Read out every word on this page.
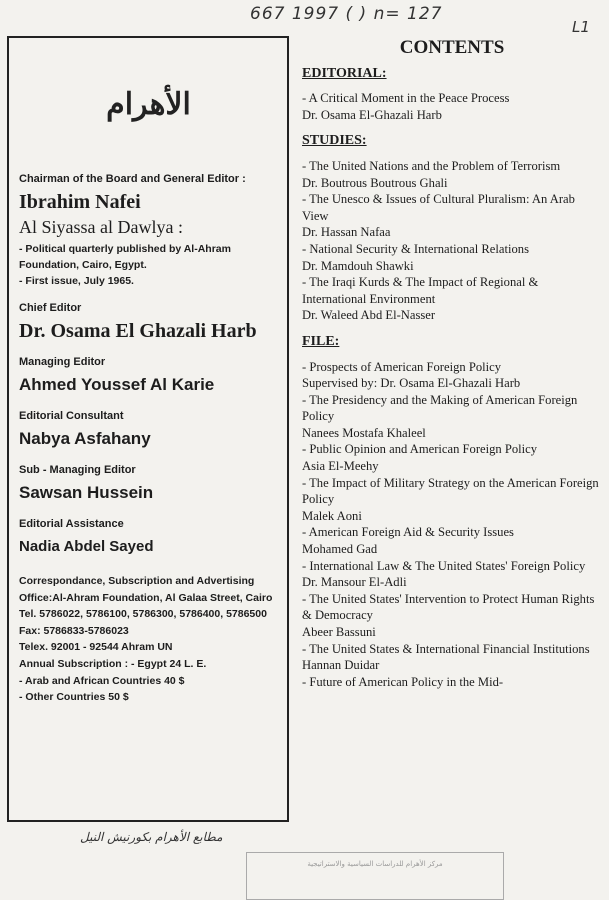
667 1997 ( ) n= 127
L1
الأهرام
Chairman of the Board and General Editor :
Ibrahim Nafei
Al Siyassa al Dawlya :
- Political quarterly published by Al-Ahram Foundation, Cairo, Egypt.
- First issue, July 1965.
Chief Editor
Dr. Osama El Ghazali Harb
Managing Editor
Ahmed Youssef Al Karie
Editorial Consultant
Nabya Asfahany
Sub - Managing Editor
Sawsan Hussein
Editorial Assistance
Nadia Abdel Sayed
Correspondance, Subscription and Advertising Office:Al-Ahram Foundation, Al Galaa Street, Cairo
Tel. 5786022, 5786100, 5786300, 5786400, 5786500
Fax: 5786833-5786023
Telex. 92001 - 92544 Ahram UN
Annual Subscription : - Egypt 24 L. E.
- Arab and African Countries 40 $
- Other Countries 50 $
مطابع الأهرام بكورنيش النيل
مركز الأهرام للدراسات السياسية والاستراتيجية
CONTENTS
EDITORIAL:
- A Critical Moment in the Peace Process
Dr. Osama El-Ghazali Harb
STUDIES:
- The United Nations and the Problem of Terrorism
Dr. Boutrous Boutrous Ghali
- The Unesco & Issues of Cultural Pluralism: An Arab View
Dr. Hassan Nafaa
- National Security & International Relations
Dr. Mamdouh Shawki
- The Iraqi Kurds & The Impact of Regional & International Environment
Dr. Waleed Abd El-Nasser
FILE:
- Prospects of American Foreign Policy
Supervised by: Dr. Osama El-Ghazali Harb
- The Presidency and the Making of American Foreign Policy
Nanees Mostafa Khaleel
- Public Opinion and American Foreign Policy
Asia El-Meehy
- The Impact of Military Strategy on the American Foreign Policy
Malek Aoni
- American Foreign Aid & Security Issues
Mohamed Gad
- International Law & The United States' Foreign Policy
Dr. Mansour El-Adli
- The United States' Intervention to Protect Human Rights & Democracy
Abeer Bassuni
- The United States & International Financial Institutions
Hannan Duidar
- Future of American Policy in the Mid-
